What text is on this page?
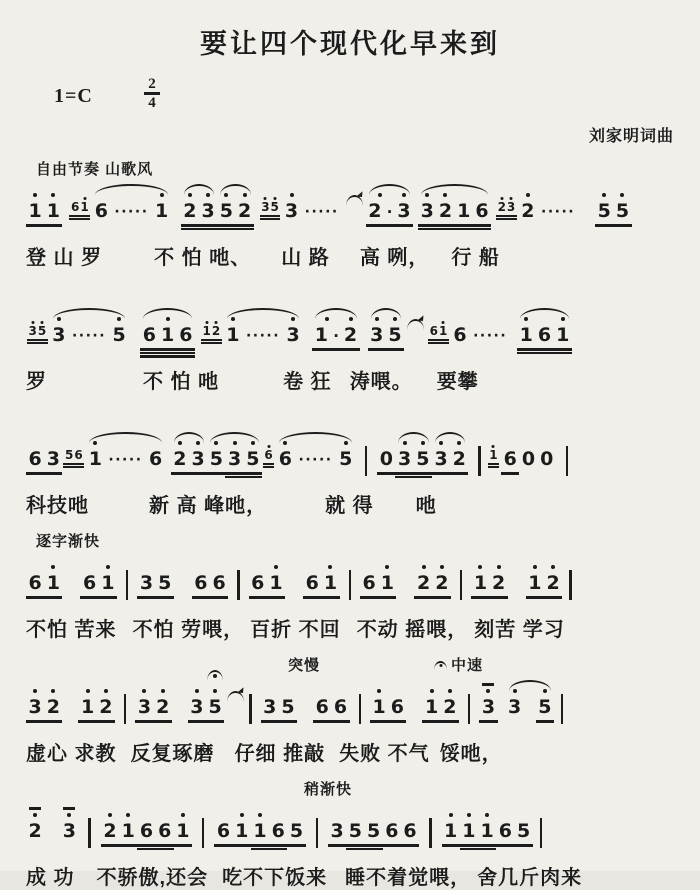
要让四个现代化早来到
1=C
2
4
刘家明词曲
自由节奏 山歌风
1 1 6
1 6 ····· 1 2 3 5 2 3
5 3 ····· 2 · 3 3 2 1 6 2
3 2 ····· 5 5
登 山 罗	不 怕 吔、 山 路 高 咧， 行 船
3
5 3 ····· 5 6 1 6 1
2 1 ····· 3 1 · 2 3 5 6
1 6 ····· 1 6 1
罗	不 怕 吔	卷 狂 涛喂。 要攀
6 3 56 1 ····· 6 2 3 5 3 5 6 6 ····· 5 0 3 5 3 2 1 6 0 0
科技吔	新 高 峰吔，	就 得 吔
逐字渐快
6 1 6 1 3 5 6 6 6 1 6 1 6 1 2 2 1 2 1 2
不怕 苦来 不怕 劳喂， 百折 不回 不动 摇喂， 刻苦 学习
突慢	中速
3 2 1 2 3 2 3 5 3 5 6 6 1 6 1 2 3 3 5
虚心 求教 反复琢磨 仔细 推敲 失败 不气 馁吔，
稍渐快
2 3 2 1 6 6 1 6 1 1 6 5 3 5 5 6 6 1 1 1 6 5
成 功 不骄傲,还会 吃不下饭来 睡不着觉喂， 舍几斤肉来
